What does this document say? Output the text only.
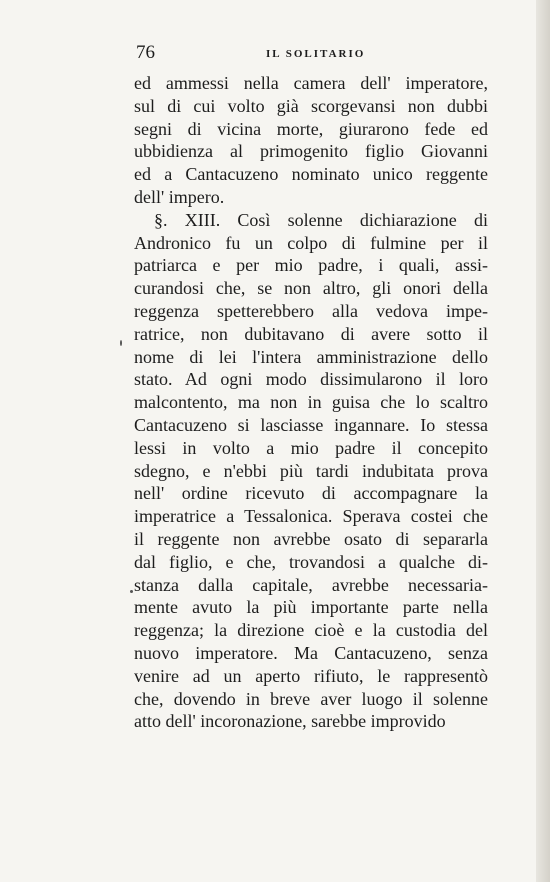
76	IL SOLITARIO
ed ammessi nella camera dell' imperatore,
sul di cui volto già scorgevansi non dubbi
segni di vicina morte, giurarono fede ed
ubbidienza al primogenito figlio Giovanni
ed a Cantacuzeno nominato unico reggente
dell' impero.
§. XIII. Così solenne dichiarazione di
Andronico fu un colpo di fulmine per il
patriarca e per mio padre, i quali, assi-
curandosi che, se non altro, gli onori della
reggenza spetterebbero alla vedova impe-
ratrice, non dubitavano di avere sotto il
nome di lei l'intera amministrazione dello
stato. Ad ogni modo dissimularono il loro
malcontento, ma non in guisa che lo scaltro
Cantacuzeno si lasciasse ingannare. Io stessa
lessi in volto a mio padre il concepito
sdegno, e n'ebbi più tardi indubitata prova
nell' ordine ricevuto di accompagnare la
imperatrice a Tessalonica. Sperava costei che
il reggente non avrebbe osato di separarla
dal figlio, e che, trovandosi a qualche di-
stanza dalla capitale, avrebbe necessaria-
mente avuto la più importante parte nella
reggenza; la direzione cioè e la custodia del
nuovo imperatore. Ma Cantacuzeno, senza
venire ad un aperto rifiuto, le rappresentò
che, dovendo in breve aver luogo il solenne
atto dell' incoronazione, sarebbe improvido
